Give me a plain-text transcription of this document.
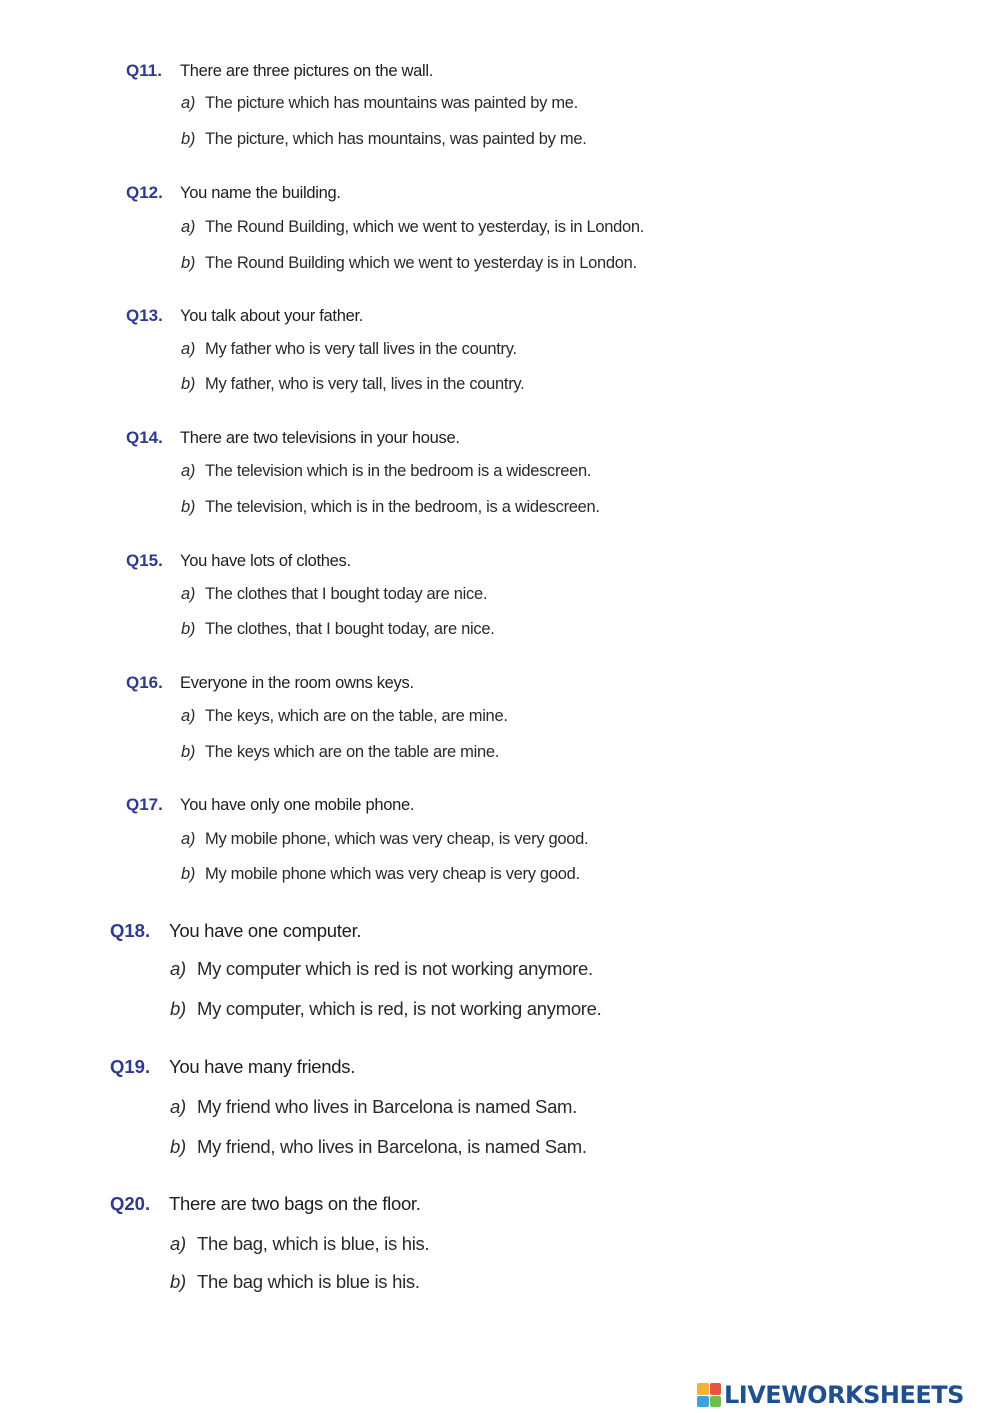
Q11.	There are three pictures on the wall.
a) The picture which has mountains was painted by me.
b) The picture, which has mountains, was painted by me.
Q12.	You name the building.
a) The Round Building, which we went to yesterday, is in London.
b) The Round Building which we went to yesterday is in London.
Q13.	You talk about your father.
a) My father who is very tall lives in the country.
b) My father, who is very tall, lives in the country.
Q14.	There are two televisions in your house.
a) The television which is in the bedroom is a widescreen.
b) The television, which is in the bedroom, is a widescreen.
Q15.	You have lots of clothes.
a) The clothes that I bought today are nice.
b) The clothes, that I bought today, are nice.
Q16.	Everyone in the room owns keys.
a) The keys, which are on the table, are mine.
b) The keys which are on the table are mine.
Q17.	You have only one mobile phone.
a) My mobile phone, which was very cheap, is very good.
b) My mobile phone which was very cheap is very good.
Q18.	You have one computer.
a) My computer which is red is not working anymore.
b) My computer, which is red, is not working anymore.
Q19.	You have many friends.
a) My friend who lives in Barcelona is named Sam.
b) My friend, who lives in Barcelona, is named Sam.
Q20.	There are two bags on the floor.
a) The bag, which is blue, is his.
b) The bag which is blue is his.
LIVEWORKSHEETS
